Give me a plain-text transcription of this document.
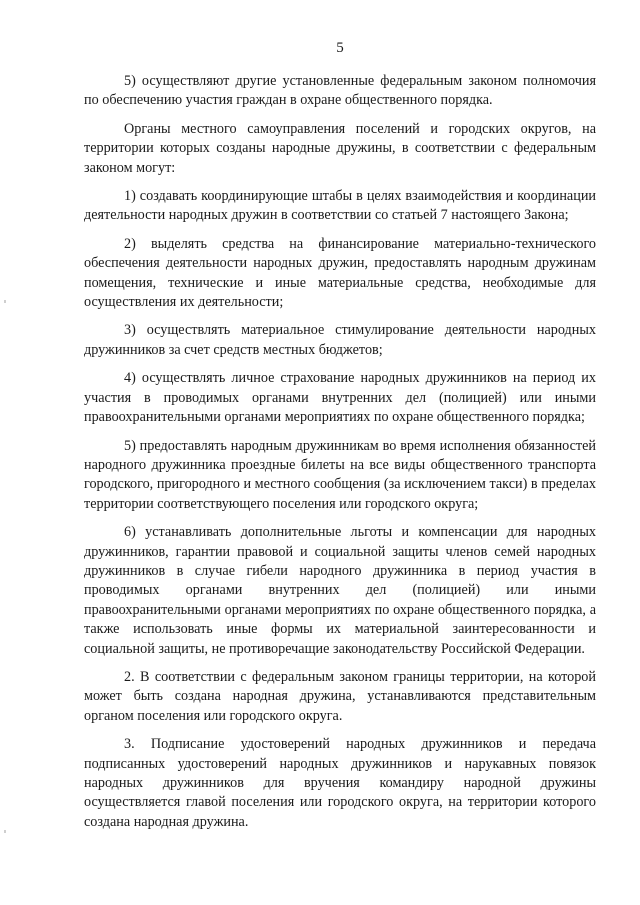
5

5) осуществляют другие установленные федеральным законом полномочия по обеспечению участия граждан в охране общественного порядка.

Органы местного самоуправления поселений и городских округов, на территории которых созданы народные дружины, в соответствии с федеральным законом могут:

1) создавать координирующие штабы в целях взаимодействия и координации деятельности народных дружин в соответствии со статьей 7 настоящего Закона;

2) выделять средства на финансирование материально-технического обеспечения деятельности народных дружин, предоставлять народным дружинам помещения, технические и иные материальные средства, необходимые для осуществления их деятельности;

3) осуществлять материальное стимулирование деятельности народных дружинников за счет средств местных бюджетов;

4) осуществлять личное страхование народных дружинников на период их участия в проводимых органами внутренних дел (полицией) или иными правоохранительными органами мероприятиях по охране общественного порядка;

5) предоставлять народным дружинникам во время исполнения обязанностей народного дружинника проездные билеты на все виды общественного транспорта городского, пригородного и местного сообщения (за исключением такси) в пределах территории соответствующего поселения или городского округа;

6) устанавливать дополнительные льготы и компенсации для народных дружинников, гарантии правовой и социальной защиты членов семей народных дружинников в случае гибели народного дружинника в период участия в проводимых органами внутренних дел (полицией) или иными правоохранительными органами мероприятиях по охране общественного порядка, а также использовать иные формы их материальной заинтересованности и социальной защиты, не противоречащие законодательству Российской Федерации.

2. В соответствии с федеральным законом границы территории, на которой может быть создана народная дружина, устанавливаются представительным органом поселения или городского округа.

3. Подписание удостоверений народных дружинников и передача подписанных удостоверений народных дружинников и нарукавных повязок народных дружинников для вручения командиру народной дружины осуществляется главой поселения или городского округа, на территории которого создана народная дружина.
